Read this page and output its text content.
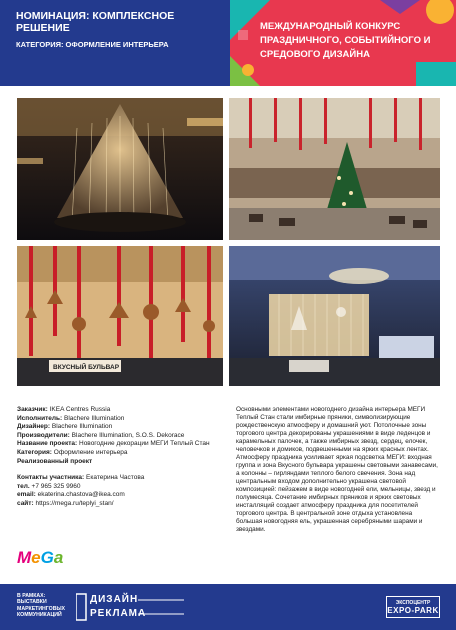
НОМИНАЦИЯ: КОМПЛЕКСНОЕ РЕШЕНИЕ
КАТЕГОРИЯ: ОФОРМЛЕНИЕ ИНТЕРЬЕРА
МЕЖДУНАРОДНЫЙ КОНКУРС ПРАЗДНИЧНОГО, СОБЫТИЙНОГО И СРЕДОВОГО ДИЗАЙНА
ВКУСНЫЙ БУЛЬВАР
Заказчик: IKEA Centres Russia
Исполнитель: Blachere Illumination
Дизайнер: Blachere Illumination
Производители: Blachere Illumination, S.O.S. Dekorace
Название проекта: Новогодние декорации МЕГИ Теплый Стан
Категория: Оформление интерьера
Реализованный проект
Контакты участника: Екатерина Частова
тел. +7 965 325 9960
email: ekaterina.chastova@ikea.com
сайт: https://mega.ru/teplyi_stan/
Основными элементами новогоднего дизайна интерьера МЕГИ Теплый Стан стали имбирные пряники, символизирующие рождественскую атмосферу и домашний уют. Потолочные зоны торгового центра декорированы украшениями в виде леденцов и карамельных палочек, а также имбирных звезд, сердец, елочек, человечков и домиков, подвешенными на ярких красных лентах. Атмосферу праздника усиливает яркая подсветка МЕГИ: входная группа и зона Вкусного бульвара украшены световыми занавесами, а колонны – гирляндами теплого белого свечения. Зона над центральным входом дополнительно украшена световой композицией: пейзажем в виде новогодней ели, мельницы, звезд и полумесяца. Сочетание имбирных пряников и ярких световых инсталляций создает атмосферу праздника для посетителей торгового центра. В центральной зоне отдыха установлена большая новогодняя ель, украшенная серебряными шарами и звездами.
MeGa
В РАМКАХ: ВЫСТАВКИ МАРКЕТИНГОВЫХ КОММУНИКАЦИЙ
ДИЗАЙН
РЕКЛАМА
ЭКСПОЦЕНТР
EXPO-PARK
